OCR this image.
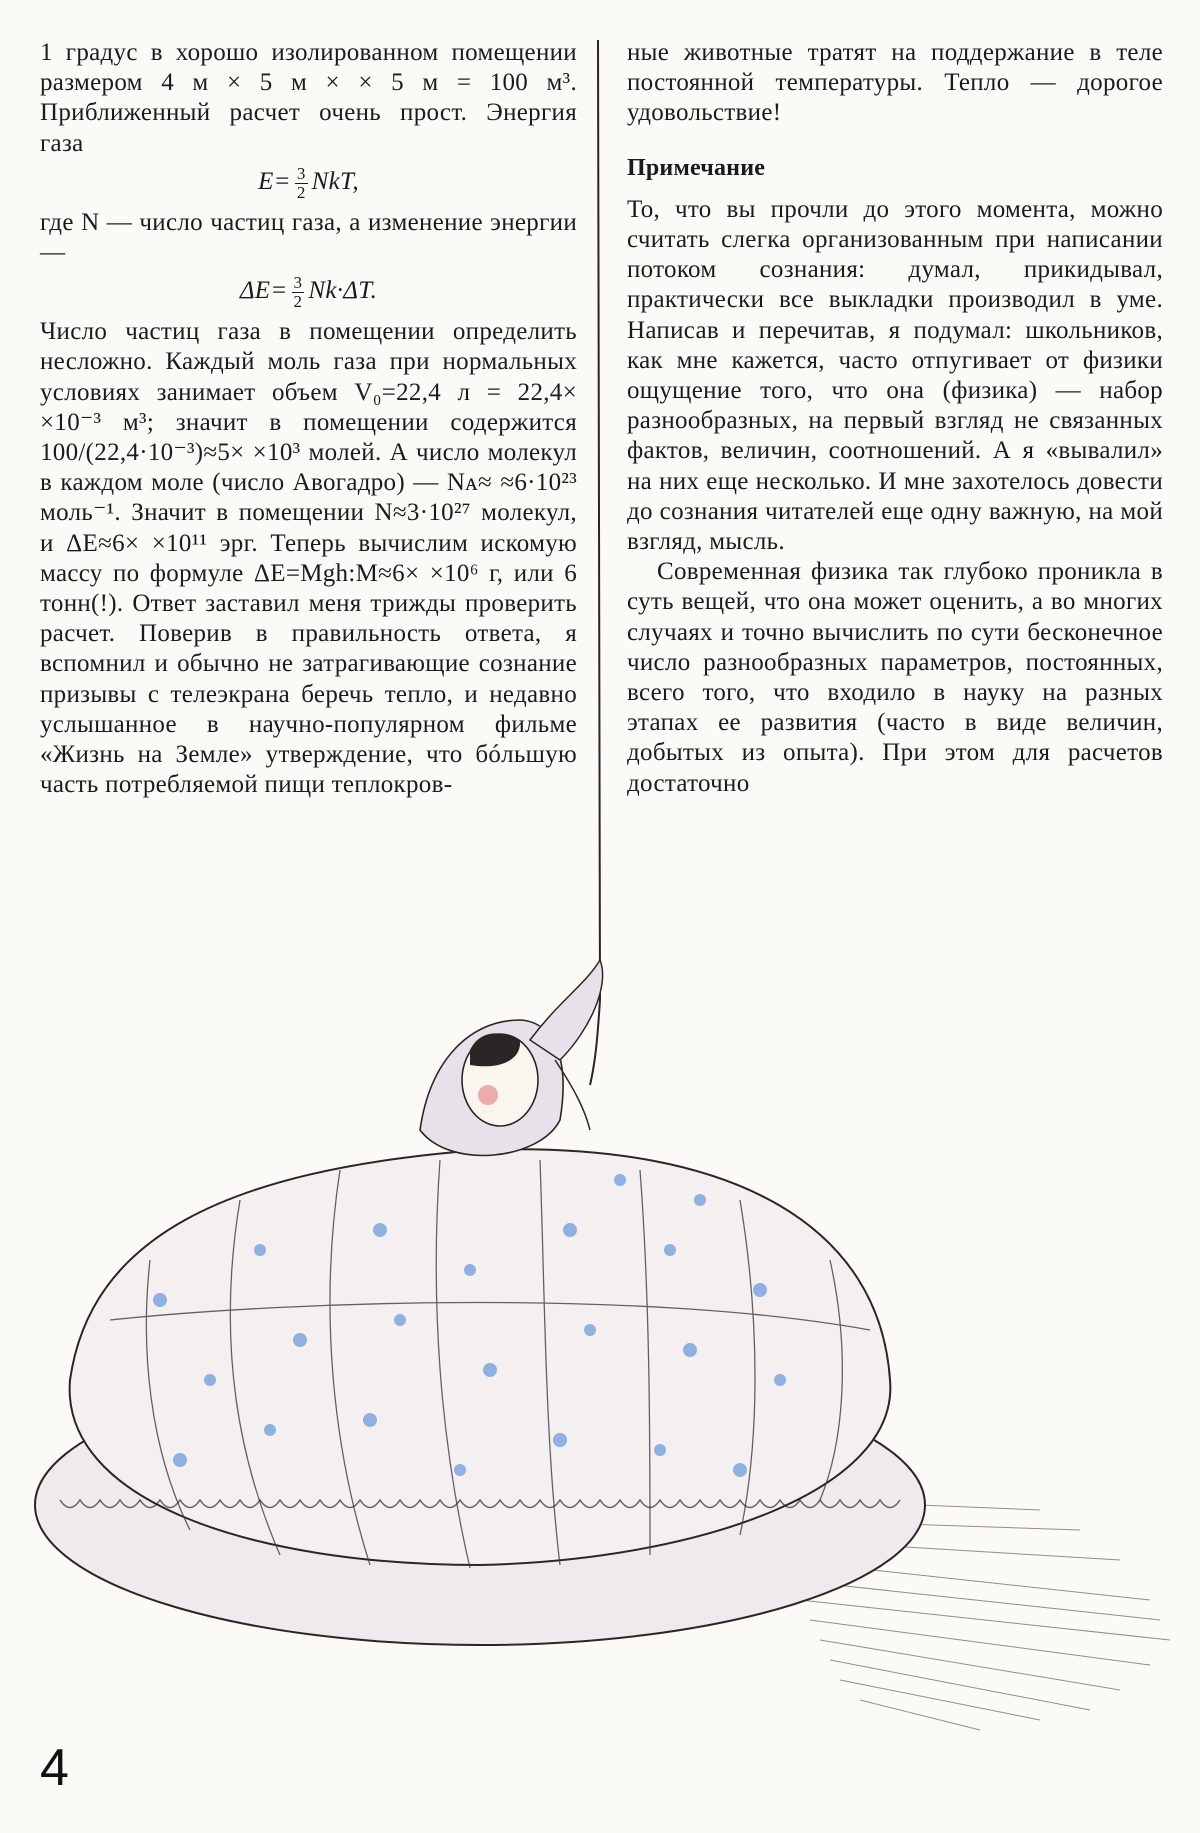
1 градус в хорошо изолированном помещении размером 4 м × 5 м × × 5 м = 100 м³. Приближенный расчет очень прост. Энергия газа

$E= \frac{3}{2}$ NkT,

где N — число частиц газа, а изменение энергии —

$\Delta E= \frac{3}{2} Nk\cdot\Delta T$.

Число частиц газа в помещении определить несложно. Каждый моль газа при нормальных условиях занимает объем V₀=22,4 л = 22,4× ×10⁻³ м³; значит в помещении содержится 100/(22,4·10⁻³)≈5× ×10³ молей. А число молекул в каждом моле (число Авогадро) — Nᴀ≈ ≈6·10²³ моль⁻¹. Значит в помещении N≈3·10²⁷ молекул, и ΔE≈6× ×10¹¹ эрг. Теперь вычислим искомую массу по формуле ΔE=Mgh:M≈6× ×10⁶ г, или 6 тонн(!). Ответ заставил меня трижды проверить расчет. Поверив в правильность ответа, я вспомнил и обычно не затрагивающие сознание призывы с телеэкрана беречь тепло, и недавно услышанное в научно-популярном фильме «Жизнь на Земле» утверждение, что бóльшую часть потребляемой пищи теплокров-

ные животные тратят на поддержание в теле постоянной температуры. Тепло — дорогое удовольствие!

Примечание

То, что вы прочли до этого момента, можно считать слегка организованным при написании потоком сознания: думал, прикидывал, практически все выкладки производил в уме. Написав и перечитав, я подумал: школьников, как мне кажется, часто отпугивает от физики ощущение того, что она (физика) — набор разнообразных, на первый взгляд не связанных фактов, величин, соотношений. А я «вывалил» на них еще несколько. И мне захотелось довести до сознания читателей еще одну важную, на мой взгляд, мысль.

Современная физика так глубоко проникла в суть вещей, что она может оценить, а во многих случаях и точно вычислить по сути бесконечное число разнообразных параметров, постоянных, всего того, что входило в науку на разных этапах ее развития (часто в виде величин, добытых из опыта). При этом для расчетов достаточно

4
